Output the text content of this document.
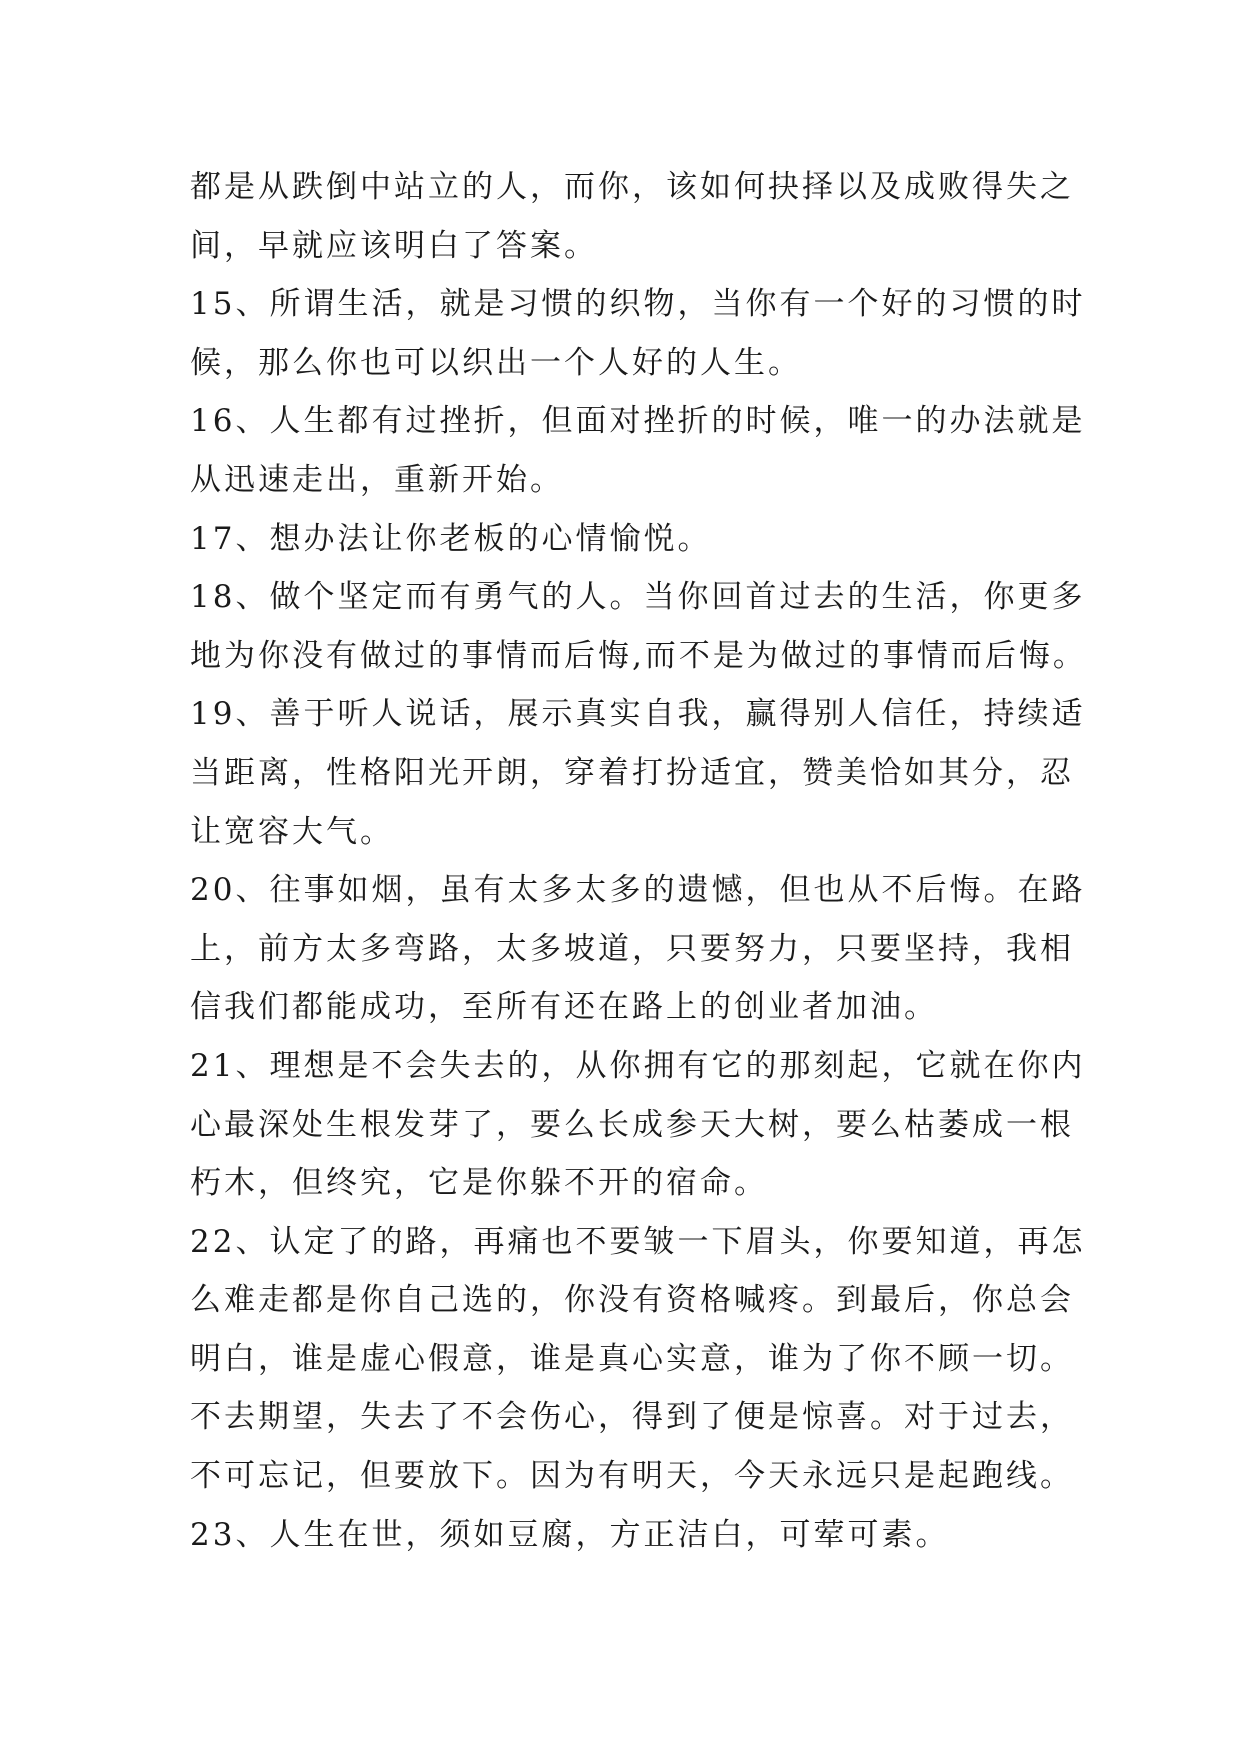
都是从跌倒中站立的人，而你，该如何抉择以及成败得失之
间，早就应该明白了答案。
15、所谓生活，就是习惯的织物，当你有一个好的习惯的时
候，那么你也可以织出一个人好的人生。
16、人生都有过挫折，但面对挫折的时候，唯一的办法就是
从迅速走出，重新开始。
17、想办法让你老板的心情愉悦。
18、做个坚定而有勇气的人。当你回首过去的生活，你更多
地为你没有做过的事情而后悔,而不是为做过的事情而后悔。
19、善于听人说话，展示真实自我，赢得别人信任，持续适
当距离，性格阳光开朗，穿着打扮适宜，赞美恰如其分，忍
让宽容大气。
20、往事如烟，虽有太多太多的遗憾，但也从不后悔。在路
上，前方太多弯路，太多坡道，只要努力，只要坚持，我相
信我们都能成功，至所有还在路上的创业者加油。
21、理想是不会失去的，从你拥有它的那刻起，它就在你内
心最深处生根发芽了，要么长成参天大树，要么枯萎成一根
朽木，但终究，它是你躲不开的宿命。
22、认定了的路，再痛也不要皱一下眉头，你要知道，再怎
么难走都是你自己选的，你没有资格喊疼。到最后，你总会
明白，谁是虚心假意，谁是真心实意，谁为了你不顾一切。
不去期望，失去了不会伤心，得到了便是惊喜。对于过去，
不可忘记，但要放下。因为有明天，今天永远只是起跑线。
23、人生在世，须如豆腐，方正洁白，可荤可素。
